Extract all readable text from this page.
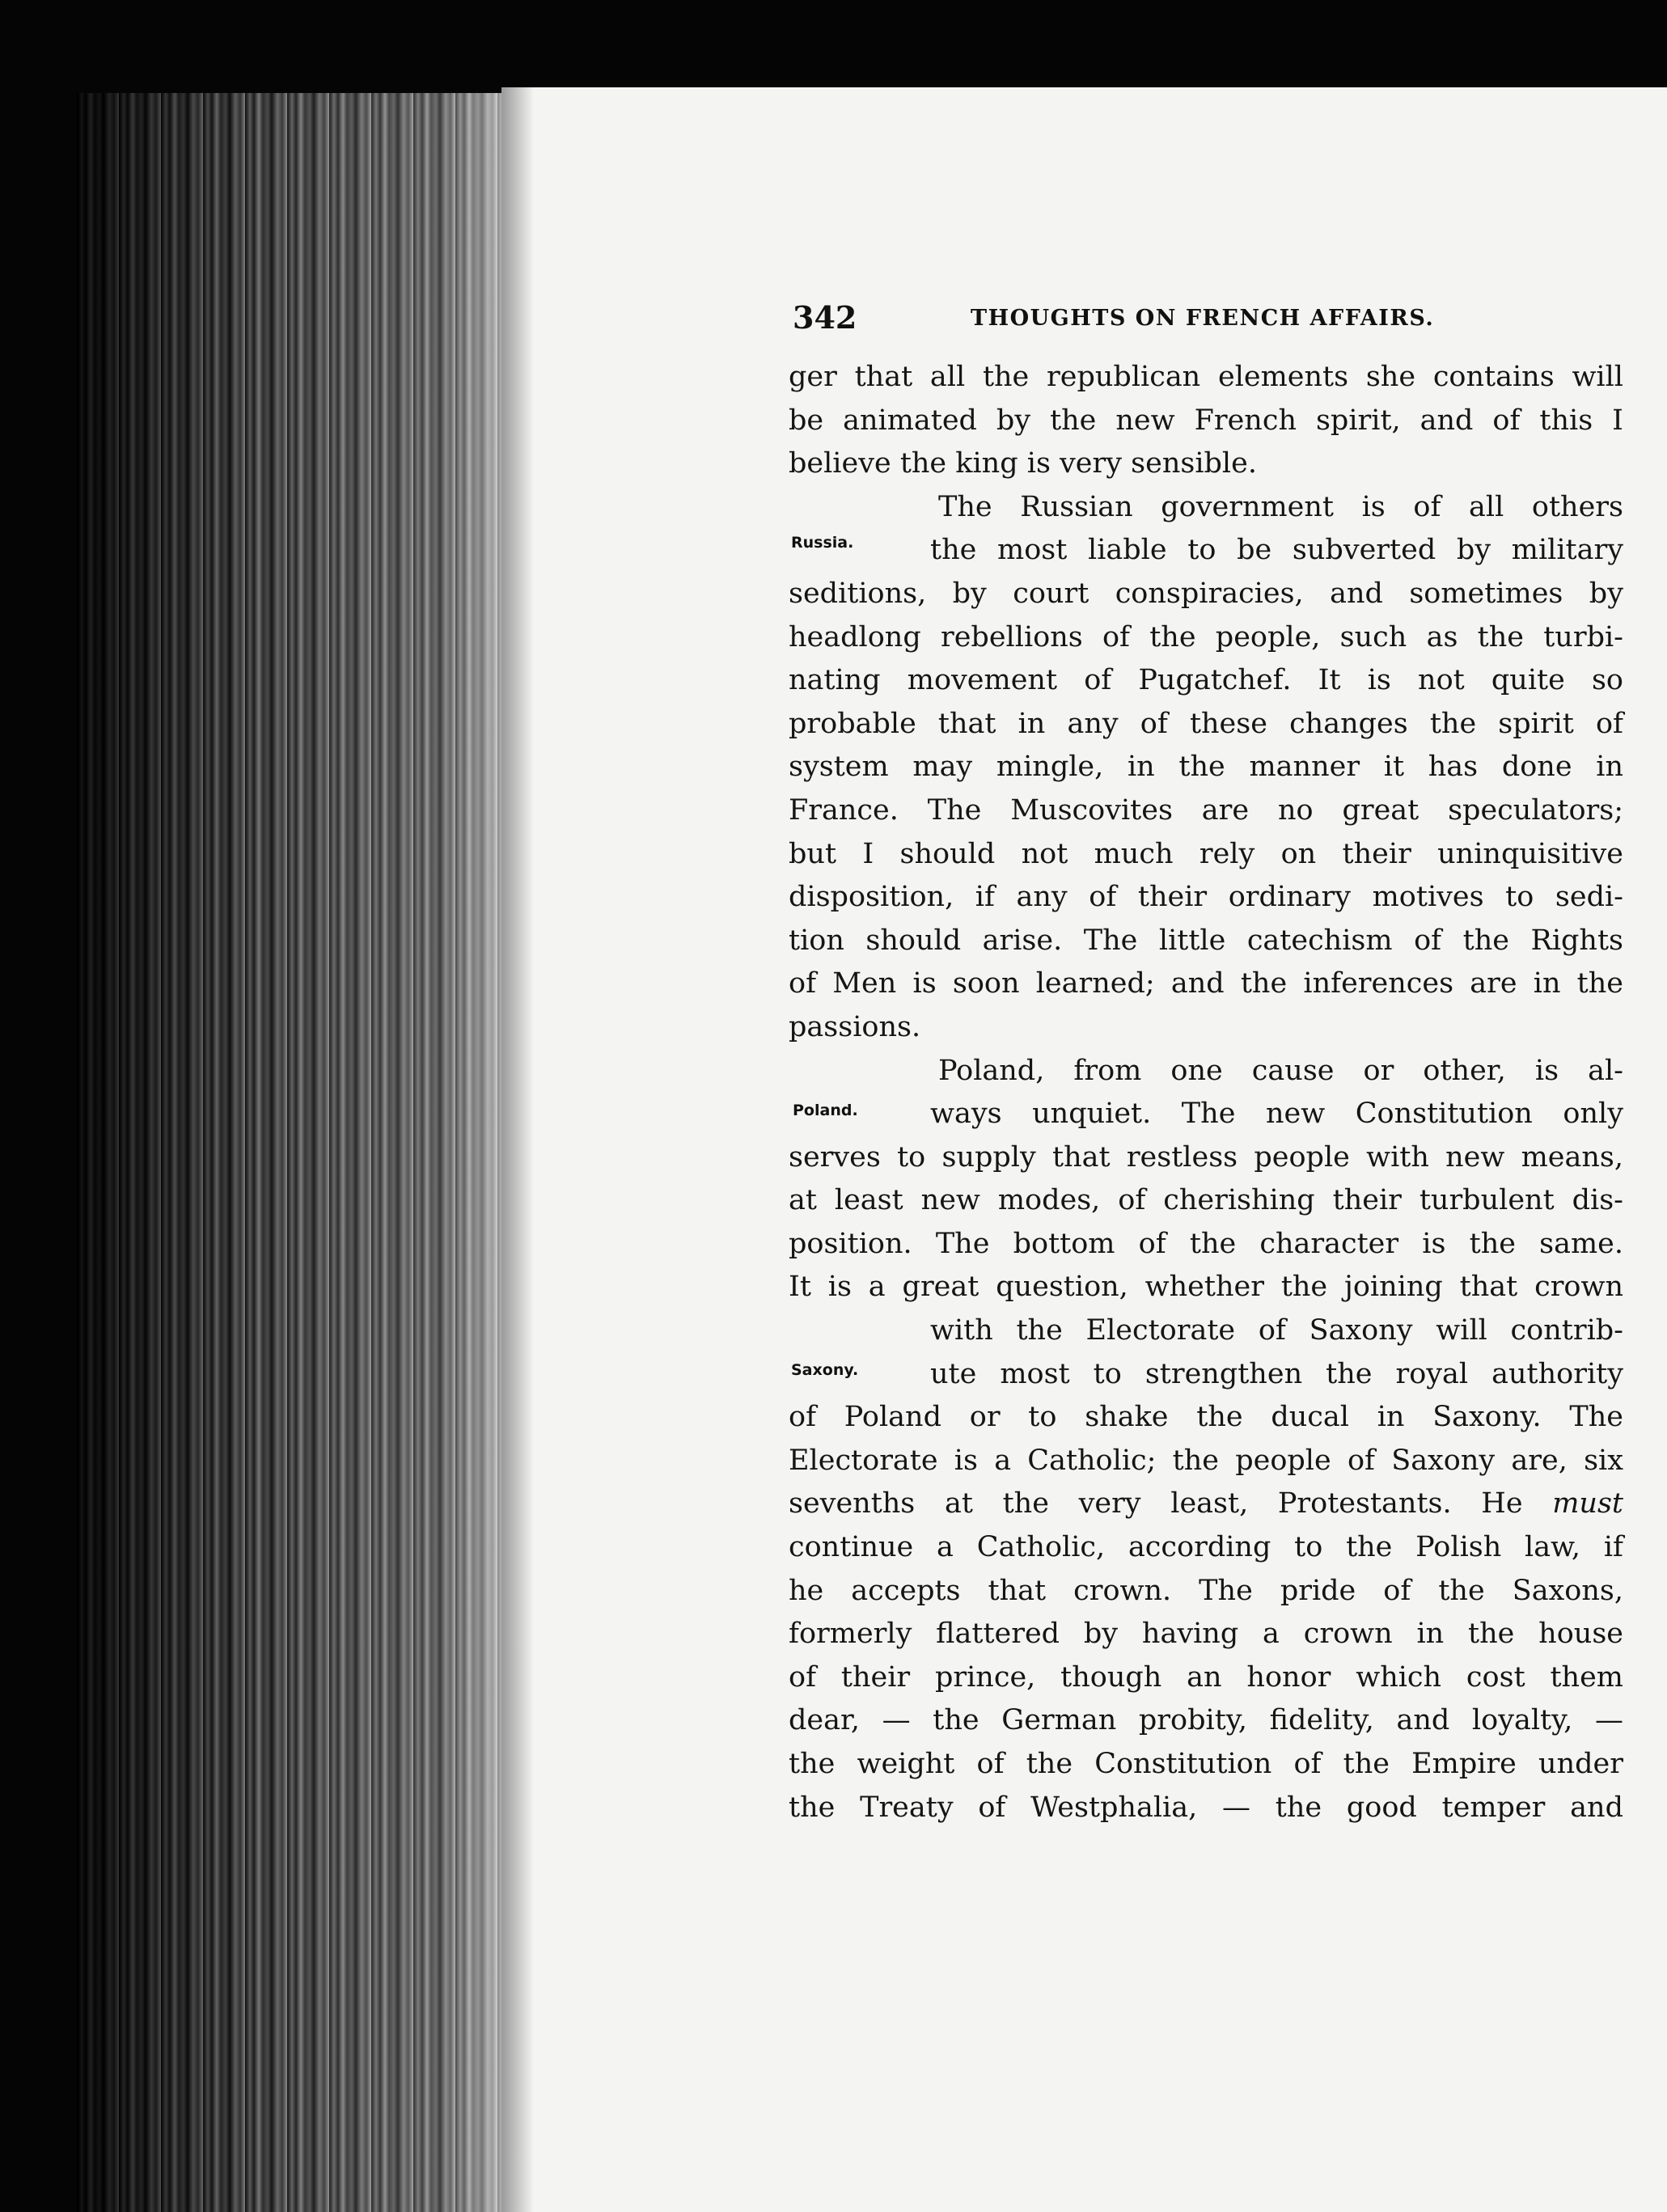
342	THOUGHTS ON FRENCH AFFAIRS.
Russia.
Poland.
Saxony.
ger that all the republican elements she contains will
be animated by the new French spirit, and of this I
believe the king is very sensible.
The Russian government is of all others
the most liable to be subverted by military
seditions, by court conspiracies, and sometimes by
headlong rebellions of the people, such as the turbi-
nating movement of Pugatchef. It is not quite so
probable that in any of these changes the spirit of
system may mingle, in the manner it has done in
France. The Muscovites are no great speculators;
but I should not much rely on their uninquisitive
disposition, if any of their ordinary motives to sedi-
tion should arise. The little catechism of the Rights
of Men is soon learned; and the inferences are in the
passions.
Poland, from one cause or other, is al-
ways unquiet. The new Constitution only
serves to supply that restless people with new means,
at least new modes, of cherishing their turbulent dis-
position. The bottom of the character is the same.
It is a great question, whether the joining that crown
with the Electorate of Saxony will contrib-
ute most to strengthen the royal authority
of Poland or to shake the ducal in Saxony. The
Electorate is a Catholic; the people of Saxony are, six
sevenths at the very least, Protestants. He must
continue a Catholic, according to the Polish law, if
he accepts that crown. The pride of the Saxons,
formerly flattered by having a crown in the house
of their prince, though an honor which cost them
dear, — the German probity, fidelity, and loyalty, —
the weight of the Constitution of the Empire under
the Treaty of Westphalia, — the good temper and
